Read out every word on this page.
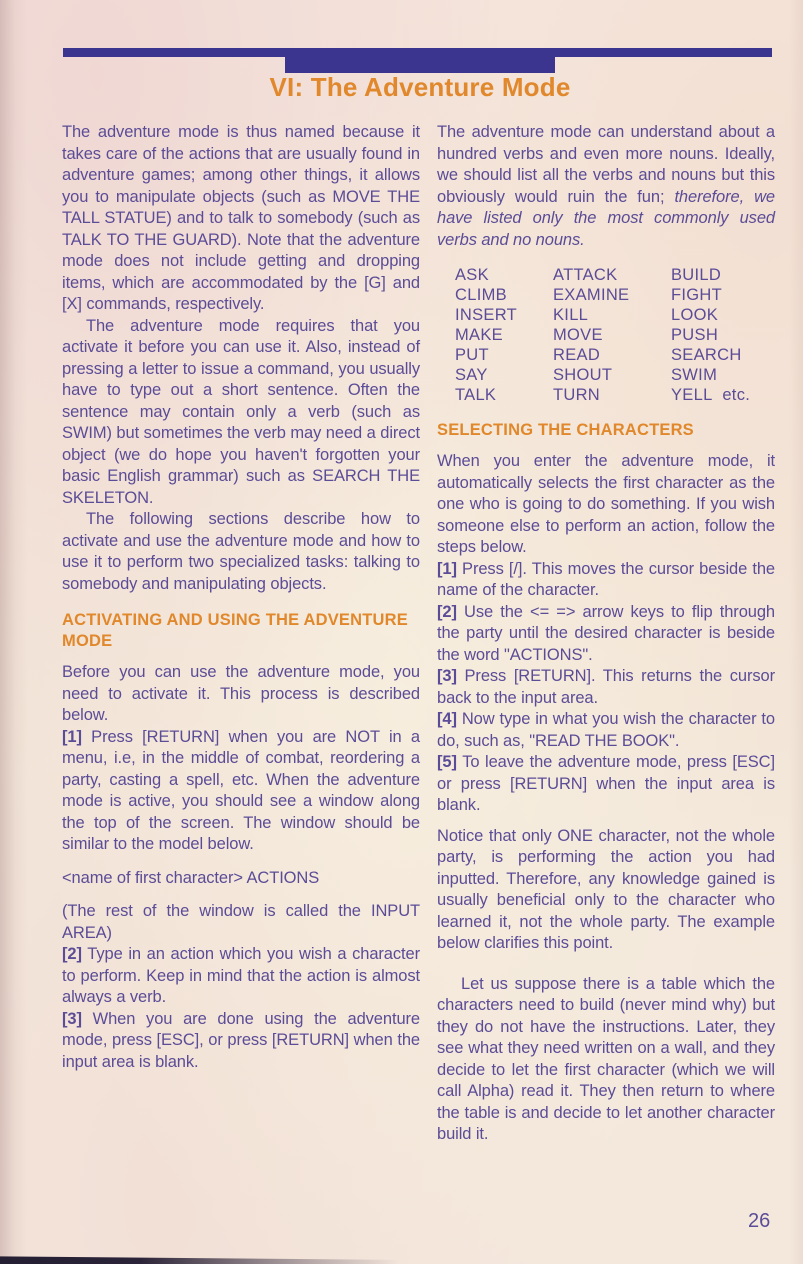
VI: The Adventure Mode

The adventure mode is thus named because it takes care of the actions that are usually found in adventure games; among other things, it allows you to manipulate objects (such as MOVE THE TALL STATUE) and to talk to somebody (such as TALK TO THE GUARD). Note that the adventure mode does not include getting and dropping items, which are accommodated by the [G] and [X] commands, respectively.

The adventure mode requires that you activate it before you can use it. Also, instead of pressing a letter to issue a command, you usually have to type out a short sentence. Often the sentence may contain only a verb (such as SWIM) but sometimes the verb may need a direct object (we do hope you haven't forgotten your basic English grammar) such as SEARCH THE SKELETON.

The following sections describe how to activate and use the adventure mode and how to use it to perform two specialized tasks: talking to somebody and manipulating objects.

ACTIVATING AND USING THE ADVENTURE MODE

Before you can use the adventure mode, you need to activate it. This process is described below.

[1] Press [RETURN] when you are NOT in a menu, i.e, in the middle of combat, reordering a party, casting a spell, etc. When the adventure mode is active, you should see a window along the top of the screen. The window should be similar to the model below.

<name of first character> ACTIONS

(The rest of the window is called the INPUT AREA)

[2] Type in an action which you wish a character to perform. Keep in mind that the action is almost always a verb.

[3] When you are done using the adventure mode, press [ESC], or press [RETURN] when the input area is blank.

The adventure mode can understand about a hundred verbs and even more nouns. Ideally, we should list all the verbs and nouns but this obviously would ruin the fun; therefore, we have listed only the most commonly used verbs and no nouns.

ASK	ATTACK	BUILD
CLIMB	EXAMINE	FIGHT
INSERT	KILL	LOOK
MAKE	MOVE	PUSH
PUT	READ	SEARCH
SAY	SHOUT	SWIM
TALK	TURN	YELL  etc.
SELECTING THE CHARACTERS

When you enter the adventure mode, it automatically selects the first character as the one who is going to do something. If you wish someone else to perform an action, follow the steps below.

[1] Press [/]. This moves the cursor beside the name of the character.

[2] Use the <= => arrow keys to flip through the party until the desired character is beside the word "ACTIONS".

[3] Press [RETURN]. This returns the cursor back to the input area.

[4] Now type in what you wish the character to do, such as, "READ THE BOOK".

[5] To leave the adventure mode, press [ESC] or press [RETURN] when the input area is blank.

Notice that only ONE character, not the whole party, is performing the action you had inputted. Therefore, any knowledge gained is usually beneficial only to the character who learned it, not the whole party. The example below clarifies this point.

Let us suppose there is a table which the characters need to build (never mind why) but they do not have the instructions. Later, they see what they need written on a wall, and they decide to let the first character (which we will call Alpha) read it. They then return to where the table is and decide to let another character build it.

26
